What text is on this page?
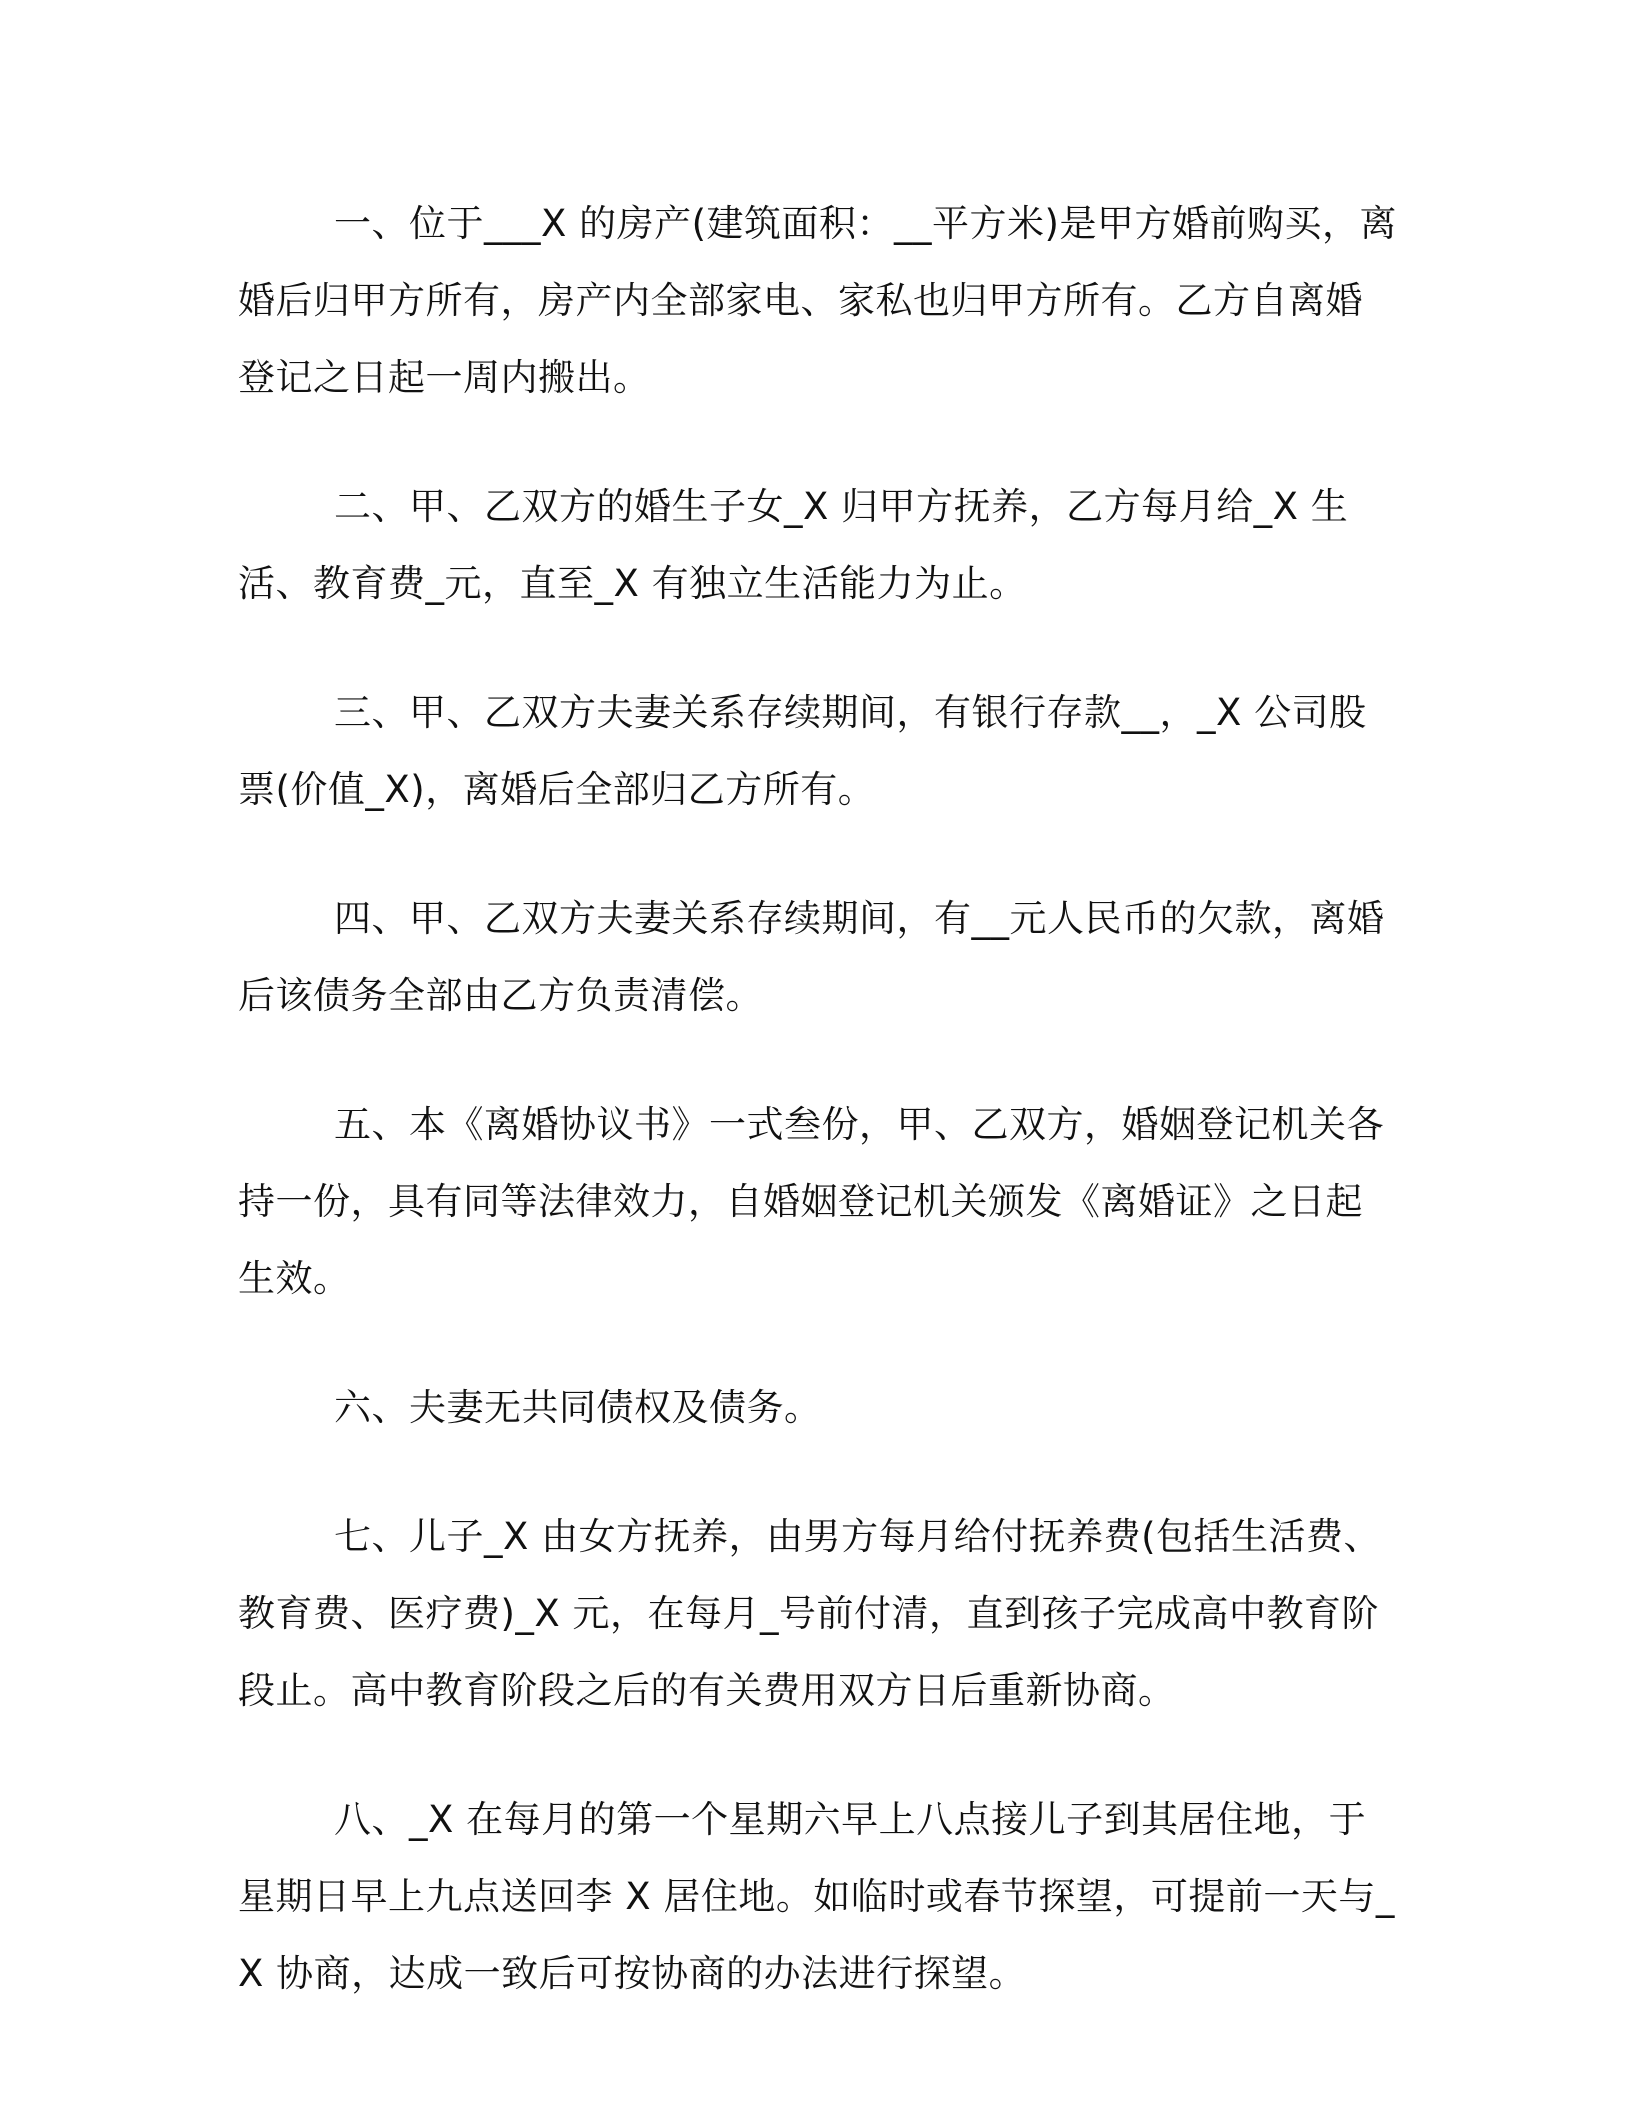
一、位于___X 的房产(建筑面积：__平方米)是甲方婚前购买，离婚后归甲方所有，房产内全部家电、家私也归甲方所有。乙方自离婚登记之日起一周内搬出。

二、甲、乙双方的婚生子女_X 归甲方抚养，乙方每月给_X 生活、教育费_元，直至_X 有独立生活能力为止。

三、甲、乙双方夫妻关系存续期间，有银行存款__，_X 公司股票(价值_X)，离婚后全部归乙方所有。

四、甲、乙双方夫妻关系存续期间，有__元人民币的欠款，离婚后该债务全部由乙方负责清偿。

五、本《离婚协议书》一式叁份，甲、乙双方，婚姻登记机关各持一份，具有同等法律效力，自婚姻登记机关颁发《离婚证》之日起生效。

六、夫妻无共同债权及债务。

七、儿子_X 由女方抚养，由男方每月给付抚养费(包括生活费、教育费、医疗费)_X 元，在每月_号前付清，直到孩子完成高中教育阶段止。高中教育阶段之后的有关费用双方日后重新协商。

八、_X 在每月的第一个星期六早上八点接儿子到其居住地，于星期日早上九点送回李 X 居住地。如临时或春节探望，可提前一天与_X 协商，达成一致后可按协商的办法进行探望。
